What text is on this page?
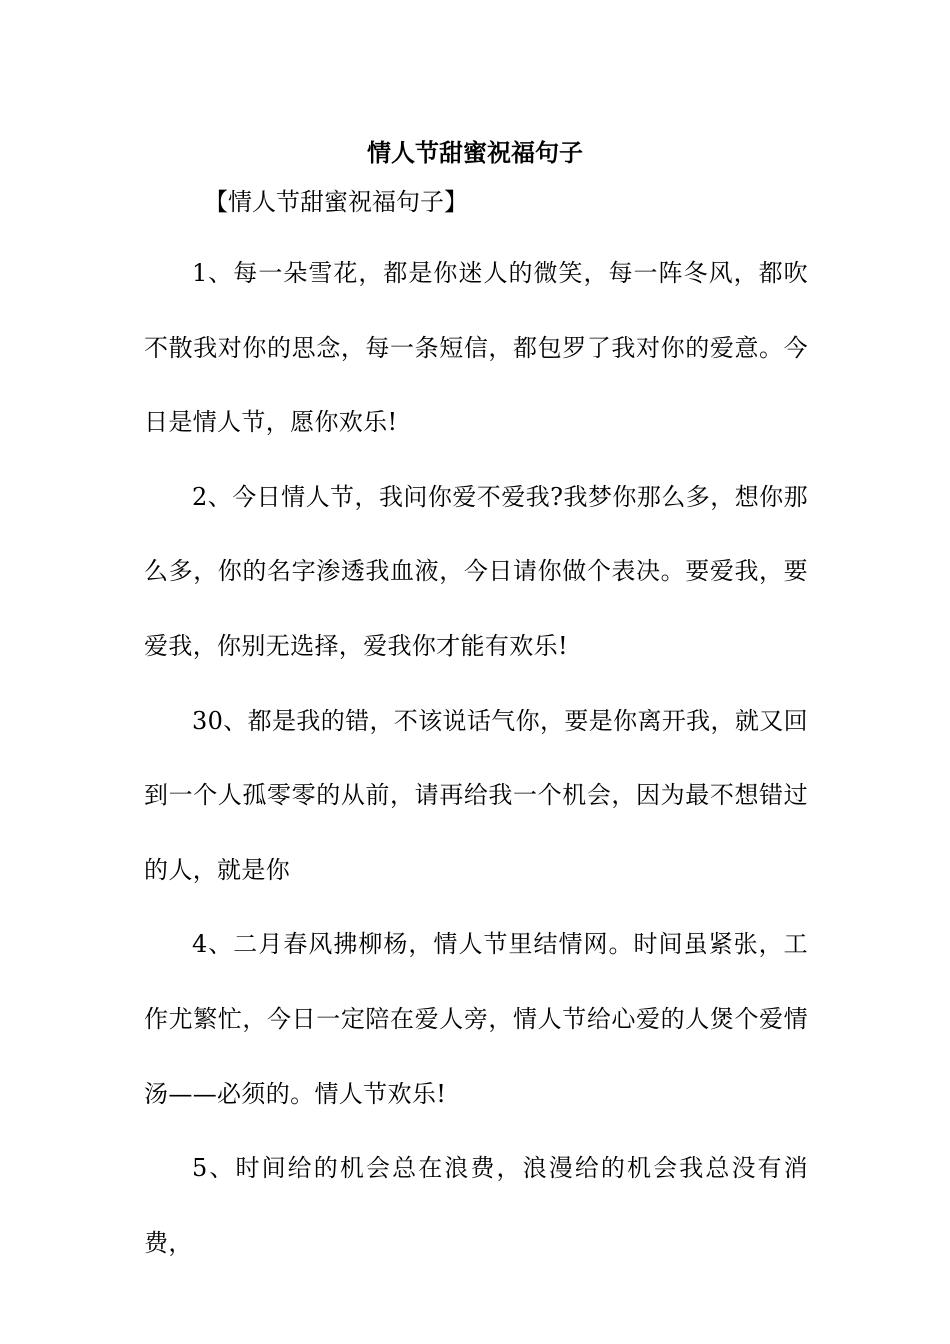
情人节甜蜜祝福句子

【情人节甜蜜祝福句子】

1、每一朵雪花，都是你迷人的微笑，每一阵冬风，都吹不散我对你的思念，每一条短信，都包罗了我对你的爱意。今日是情人节，愿你欢乐!

2、今日情人节，我问你爱不爱我?我梦你那么多，想你那么多，你的名字渗透我血液，今日请你做个表决。要爱我，要爱我，你别无选择，爱我你才能有欢乐!

30、都是我的错，不该说话气你，要是你离开我，就又回到一个人孤零零的从前，请再给我一个机会，因为最不想错过的人，就是你

4、二月春风拂柳杨，情人节里结情网。时间虽紧张，工作尤繁忙，今日一定陪在爱人旁，情人节给心爱的人煲个爱情汤——必须的。情人节欢乐!

5、时间给的机会总在浪费，浪漫给的机会我总没有消费，
